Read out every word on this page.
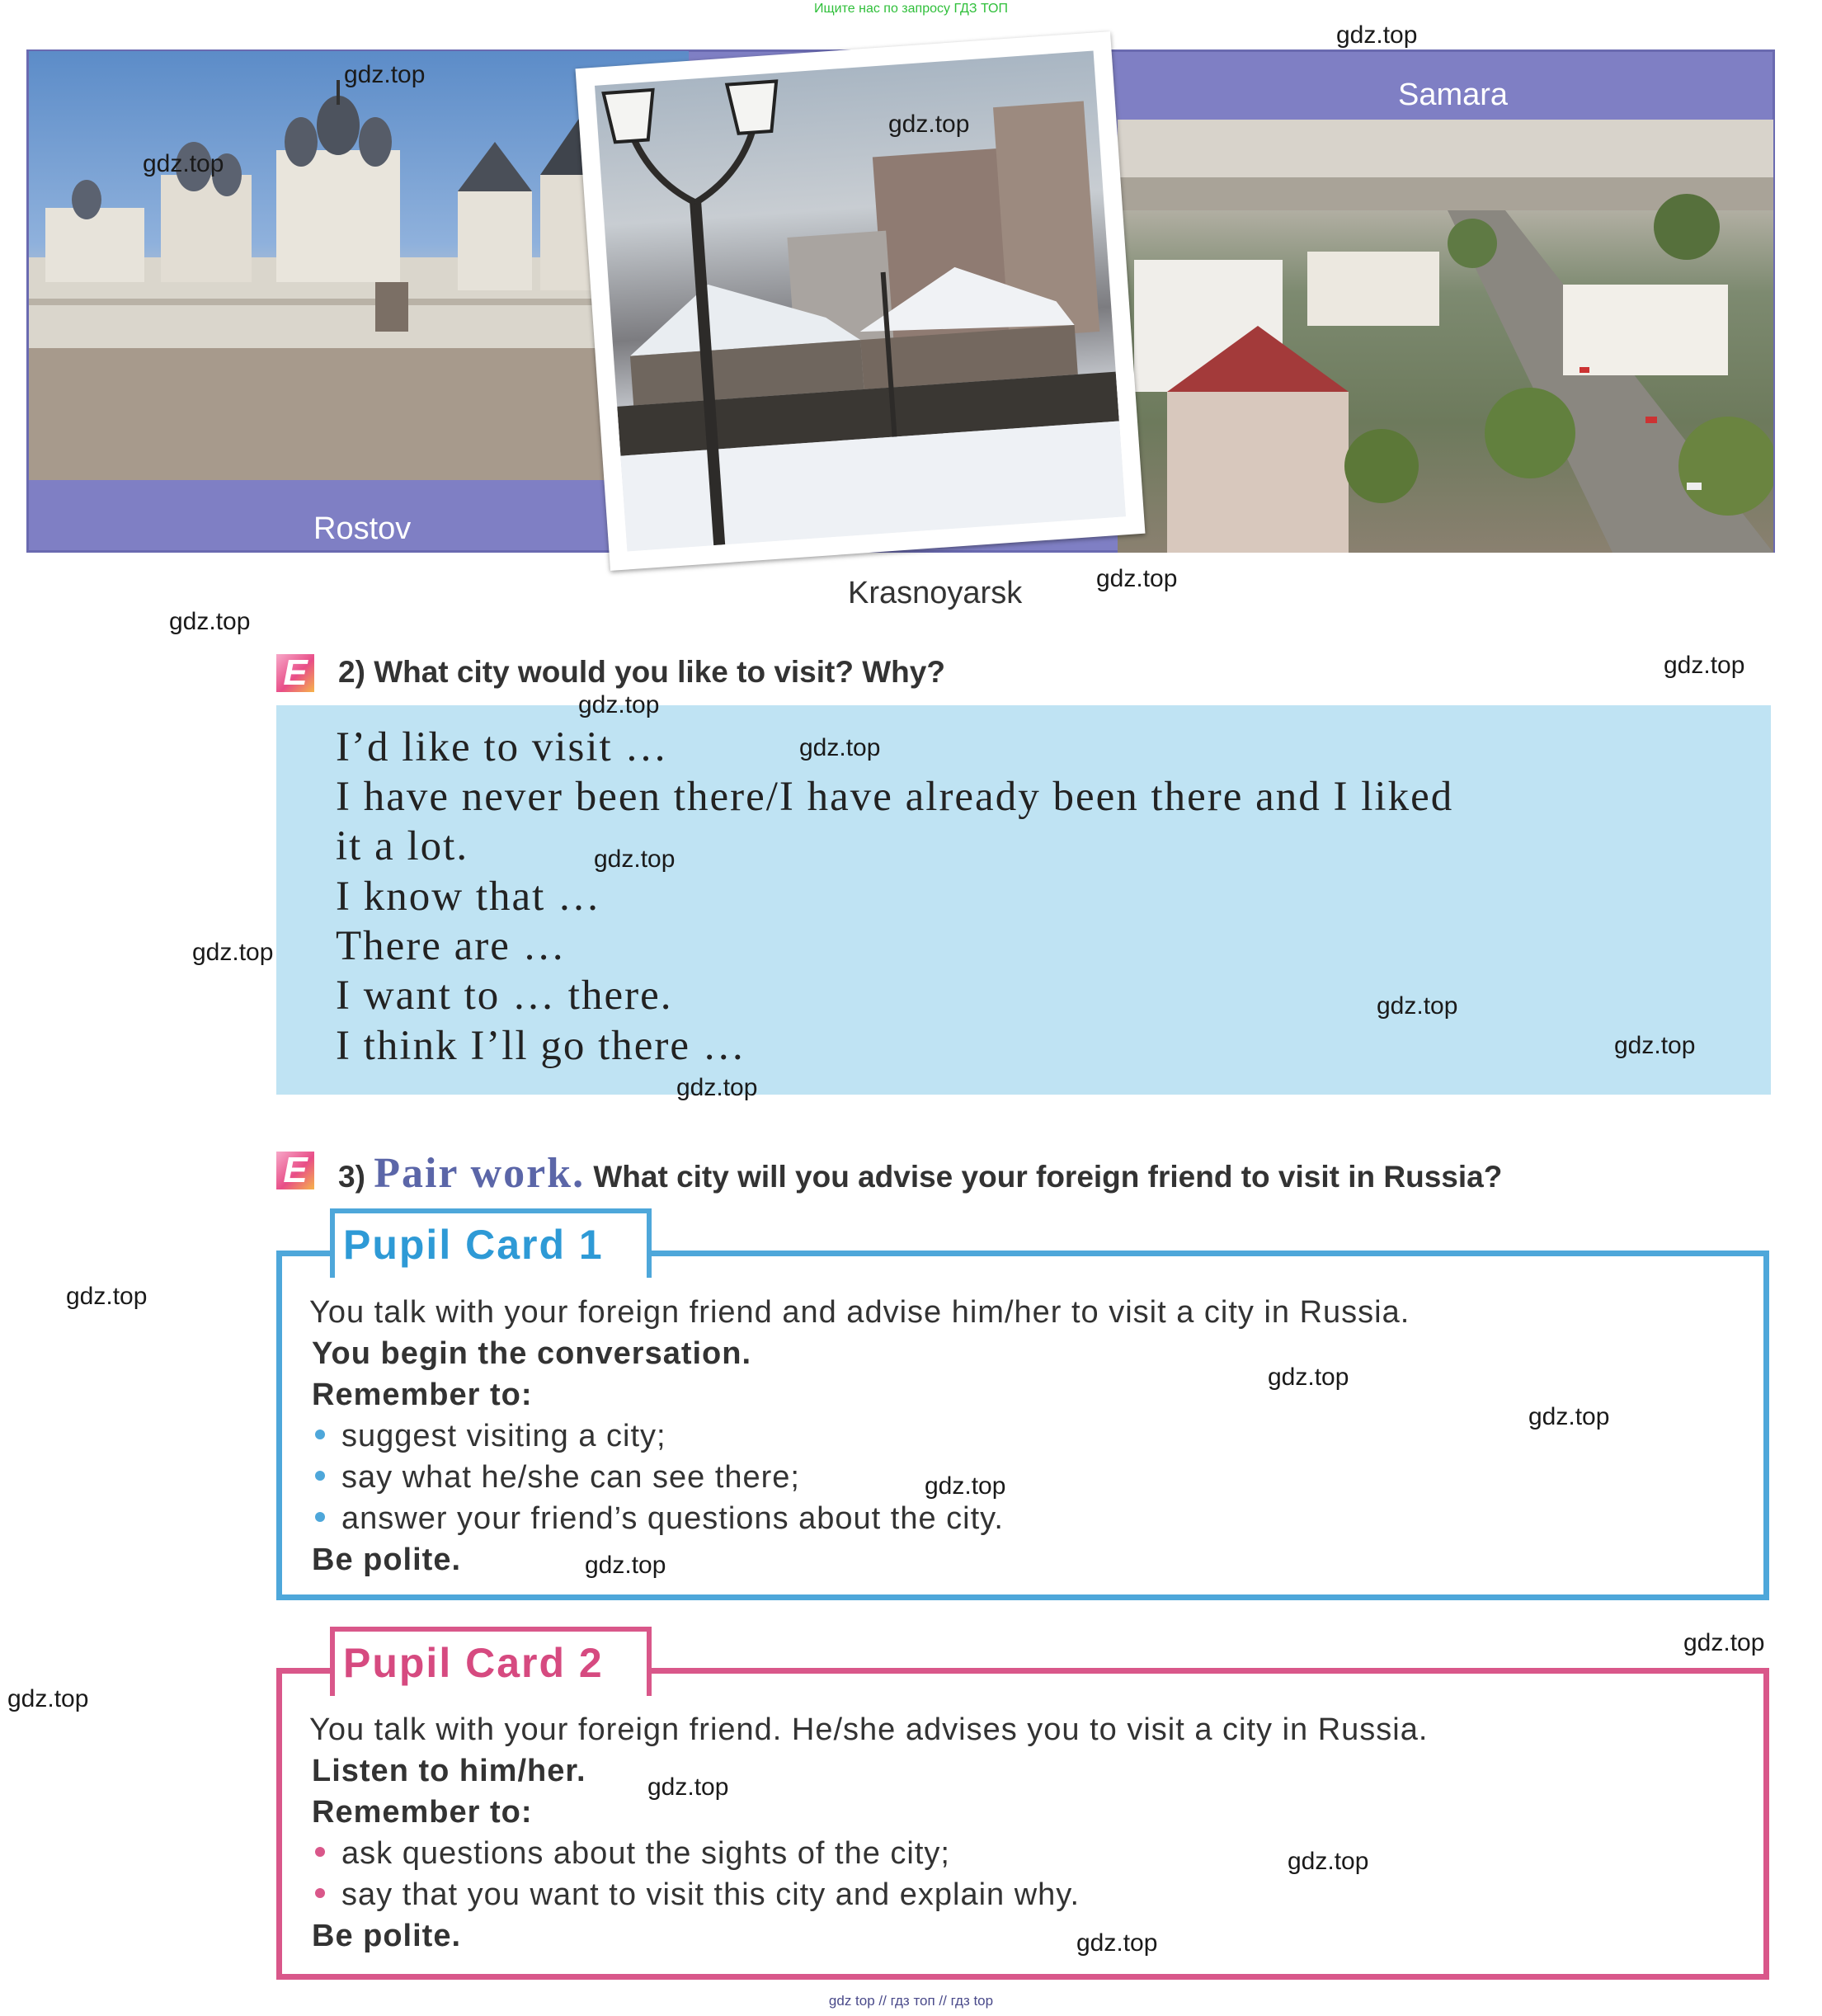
Ищите нас по запросу ГДЗ ТОП
Rostov
Samara
Krasnoyarsk
E 2) What city would you like to visit? Why?
I’d like to visit …
I have never been there/I have already been there and I liked
it a lot.
I know that …
There are …
I want to … there.
I think I’ll go there …
E 3) Pair work. What city will you advise your foreign friend to visit in Russia?
Pupil Card 1
You talk with your foreign friend and advise him/her to visit a city in Russia.
You begin the conversation.
Remember to:
suggest visiting a city;
say what he/she can see there;
answer your friend’s questions about the city.
Be polite.
Pupil Card 2
You talk with your foreign friend. He/she advises you to visit a city in Russia.
Listen to him/her.
Remember to:
ask questions about the sights of the city;
say that you want to visit this city and explain why.
Be polite.
gdz.top
gdz.top
gdz.top
gdz.top
gdz.top
gdz.top
gdz.top
gdz.top
gdz.top
gdz.top
gdz.top
gdz.top
gdz.top
gdz.top
gdz.top
gdz.top
gdz.top
gdz.top
gdz.top
gdz.top
gdz.top
gdz.top
gdz.top
gdz.top
gdz top // гдз топ // гдз top
